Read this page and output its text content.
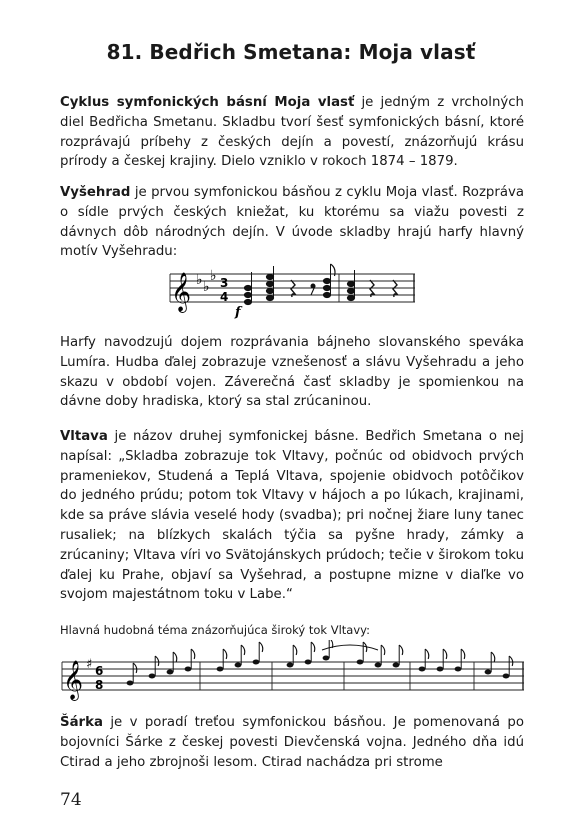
81. Bedřich Smetana: Moja vlasť

Cyklus symfonických básní Moja vlasť je jedným z vrcholných diel Bedřicha Smetanu. Skladbu tvorí šesť symfonických básní, ktoré rozprávajú príbehy z českých dejín a povestí, znázorňujú krásu prírody a českej krajiny. Dielo vzniklo v rokoch 1874 – 1879.

Vyšehrad je prvou symfonickou básňou z cyklu Moja vlasť. Rozpráva o sídle prvých českých kniežat, ku ktorému sa viažu povesti z dávnych dôb národných dejín. V úvode skladby hrajú harfy hlavný motív Vyšehradu:

𝄞 ♭ ♭
♭ 3
4
f

Harfy navodzujú dojem rozprávania bájneho slovanského speváka Lumíra. Hudba ďalej zobrazuje vznešenosť a slávu Vyšehradu a jeho skazu v období vojen. Záverečná časť skladby je spomienkou na dávne doby hradiska, ktorý sa stal zrúcaninou.

Vltava je názov druhej symfonickej básne. Bedřich Smetana o nej napísal: „Skladba zobrazuje tok Vltavy, počnúc od obidvoch prvých prameniekov, Studená a Teplá Vltava, spojenie obidvoch potôčikov do jedného prúdu; potom tok Vltavy v hájoch a po lúkach, krajinami, kde sa práve slávia veselé hody (svadba); pri nočnej žiare luny tanec rusaliek; na blízkych skalách týčia sa pyšne hrady, zámky a zrúcaniny; Vltava víri vo Svätojánskych prúdoch; tečie v širokom toku ďalej ku Prahe, objaví sa Vyšehrad, a postupne mizne v diaľke vo svojom majestátnom toku v Labe.“

Hlavná hudobná téma znázorňujúca široký tok Vltavy:

𝄞 ♯ 6
8

Šárka je v poradí treťou symfonickou básňou. Je pomenovaná po bojovníci Šárke z českej povesti Dievčenská vojna. Jedného dňa idú Ctirad a jeho zbrojnoši lesom. Ctirad nachádza pri strome

74
